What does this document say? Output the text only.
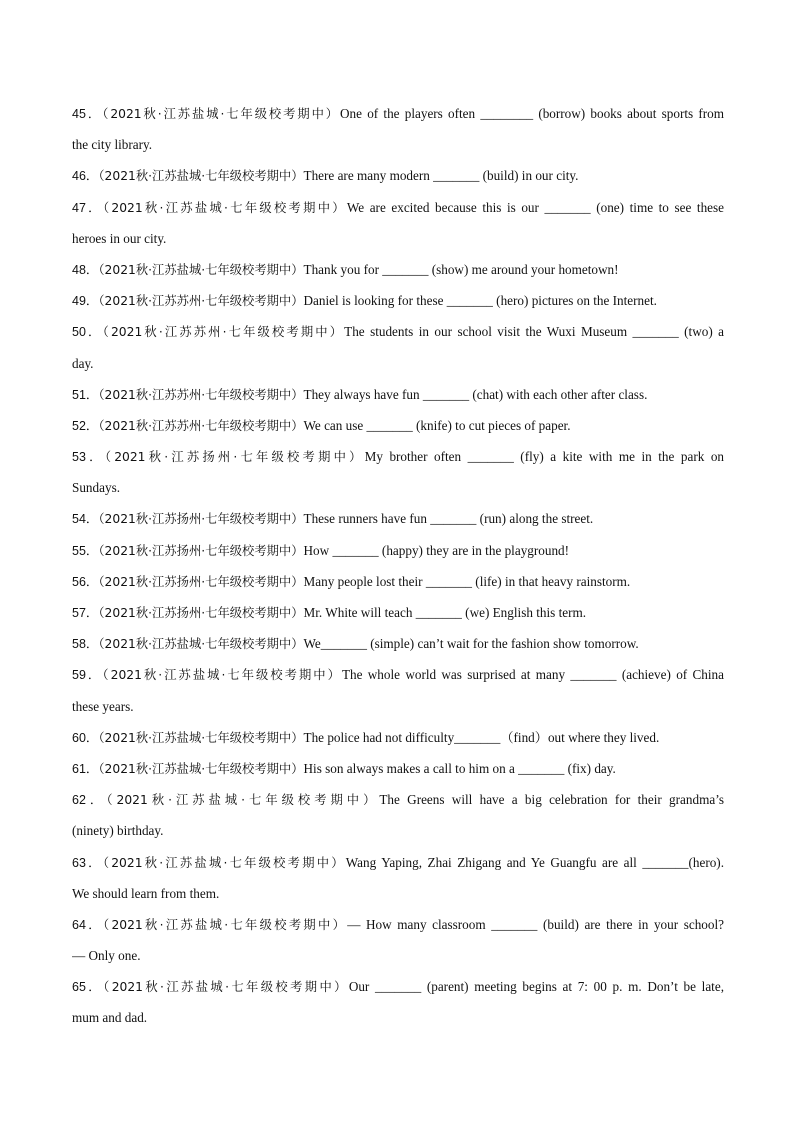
45．（2021秋·江苏盐城·七年级校考期中）One of the players often ________ (borrow) books about sports from
the city library.
46．（2021秋·江苏盐城·七年级校考期中）There are many modern _______ (build) in our city.
47．（2021秋·江苏盐城·七年级校考期中）We are excited because this is our _______ (one) time to see these
heroes in our city.
48．（2021秋·江苏盐城·七年级校考期中）Thank you for _______ (show) me around your hometown!
49．（2021秋·江苏苏州·七年级校考期中）Daniel is looking for these _______ (hero) pictures on the Internet.
50．（2021秋·江苏苏州·七年级校考期中）The students in our school visit the Wuxi Museum _______ (two) a
day.
51．（2021秋·江苏苏州·七年级校考期中）They always have fun _______ (chat) with each other after class.
52．（2021秋·江苏苏州·七年级校考期中）We can use _______ (knife) to cut pieces of paper.
53．（2021秋·江苏扬州·七年级校考期中）My brother often _______ (fly) a kite with me in the park on
Sundays.
54．（2021秋·江苏扬州·七年级校考期中）These runners have fun _______ (run) along the street.
55．（2021秋·江苏扬州·七年级校考期中）How _______ (happy) they are in the playground!
56．（2021秋·江苏扬州·七年级校考期中）Many people lost their _______ (life) in that heavy rainstorm.
57．（2021秋·江苏扬州·七年级校考期中）Mr. White will teach _______ (we) English this term.
58．（2021秋·江苏盐城·七年级校考期中）We_______ (simple) can’t wait for the fashion show tomorrow.
59．（2021秋·江苏盐城·七年级校考期中）The whole world was surprised at many _______ (achieve) of China
these years.
60．（2021秋·江苏盐城·七年级校考期中）The police had not difficulty_______（find）out where they lived.
61．（2021秋·江苏盐城·七年级校考期中）His son always makes a call to him on a _______ (fix) day.
62．（2021秋·江苏盐城·七年级校考期中）The Greens will have a big celebration for their grandma’s
(ninety) birthday.
63．（2021秋·江苏盐城·七年级校考期中）Wang Yaping, Zhai Zhigang and Ye Guangfu are all _______(hero).
We should learn from them.
64．（2021秋·江苏盐城·七年级校考期中）— How many classroom _______ (build) are there in your school?
— Only one.
65．（2021秋·江苏盐城·七年级校考期中）Our _______ (parent) meeting begins at 7: 00 p. m. Don’t be late,
mum and dad.
